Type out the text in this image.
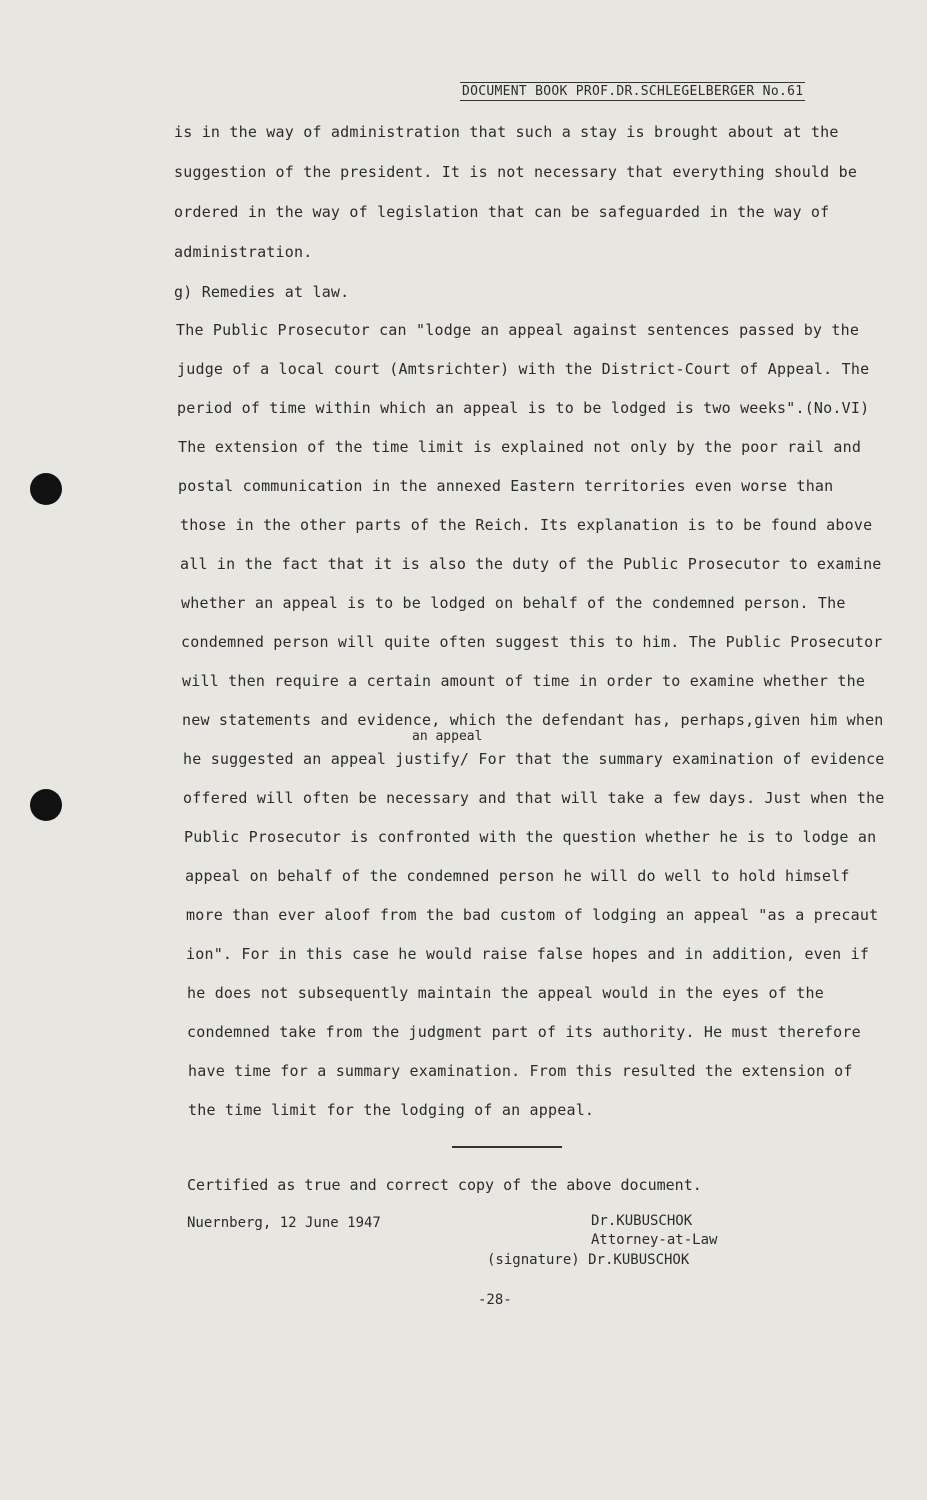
DOCUMENT BOOK PROF.DR.SCHLEGELBERGER No.61
is in the way of administration that such a stay is brought about at the
suggestion of the president. It is not necessary that everything should be
ordered in the way of legislation that can be safeguarded in the way of
administration.
g) Remedies at law.
The Public Prosecutor can "lodge an appeal against sentences passed by the
judge of a local court (Amtsrichter) with the District-Court of Appeal. The
period of time within which an appeal is to be lodged is two weeks".(No.VI)
The extension of the time limit is explained not only by the poor rail and
postal communication in the annexed Eastern territories even worse than
those in the other parts of the Reich. Its explanation is to be found above
all in the fact that it is also the duty of the Public Prosecutor to examine
whether an appeal is to be lodged on behalf of the condemned person. The
condemned person will quite often suggest this to him. The Public Prosecutor
will then require a certain amount of time in order to examine whether the
new statements and evidence, which the defendant has, perhaps,given him when
he suggested an appeal justify/ For that the summary examination of evidence
offered will often be necessary and that will take a few days. Just when the
Public Prosecutor is confronted with the question whether he is to lodge an
appeal on behalf of the condemned person he will do well to hold himself
more than ever aloof from the bad custom of lodging an appeal "as a precaut
ion". For in this case he would raise false hopes and in addition, even if
he does not subsequently maintain the appeal would in the eyes of the
condemned take from the judgment part of its authority. He must therefore
have time for a summary examination. From this resulted the extension of
the time limit for the lodging of an appeal.
an appeal
Certified as true and correct copy of the above document.
Nuernberg, 12 June 1947	Dr.KUBUSCHOK
Attorney-at-Law
(signature) Dr.KUBUSCHOK
-28-
